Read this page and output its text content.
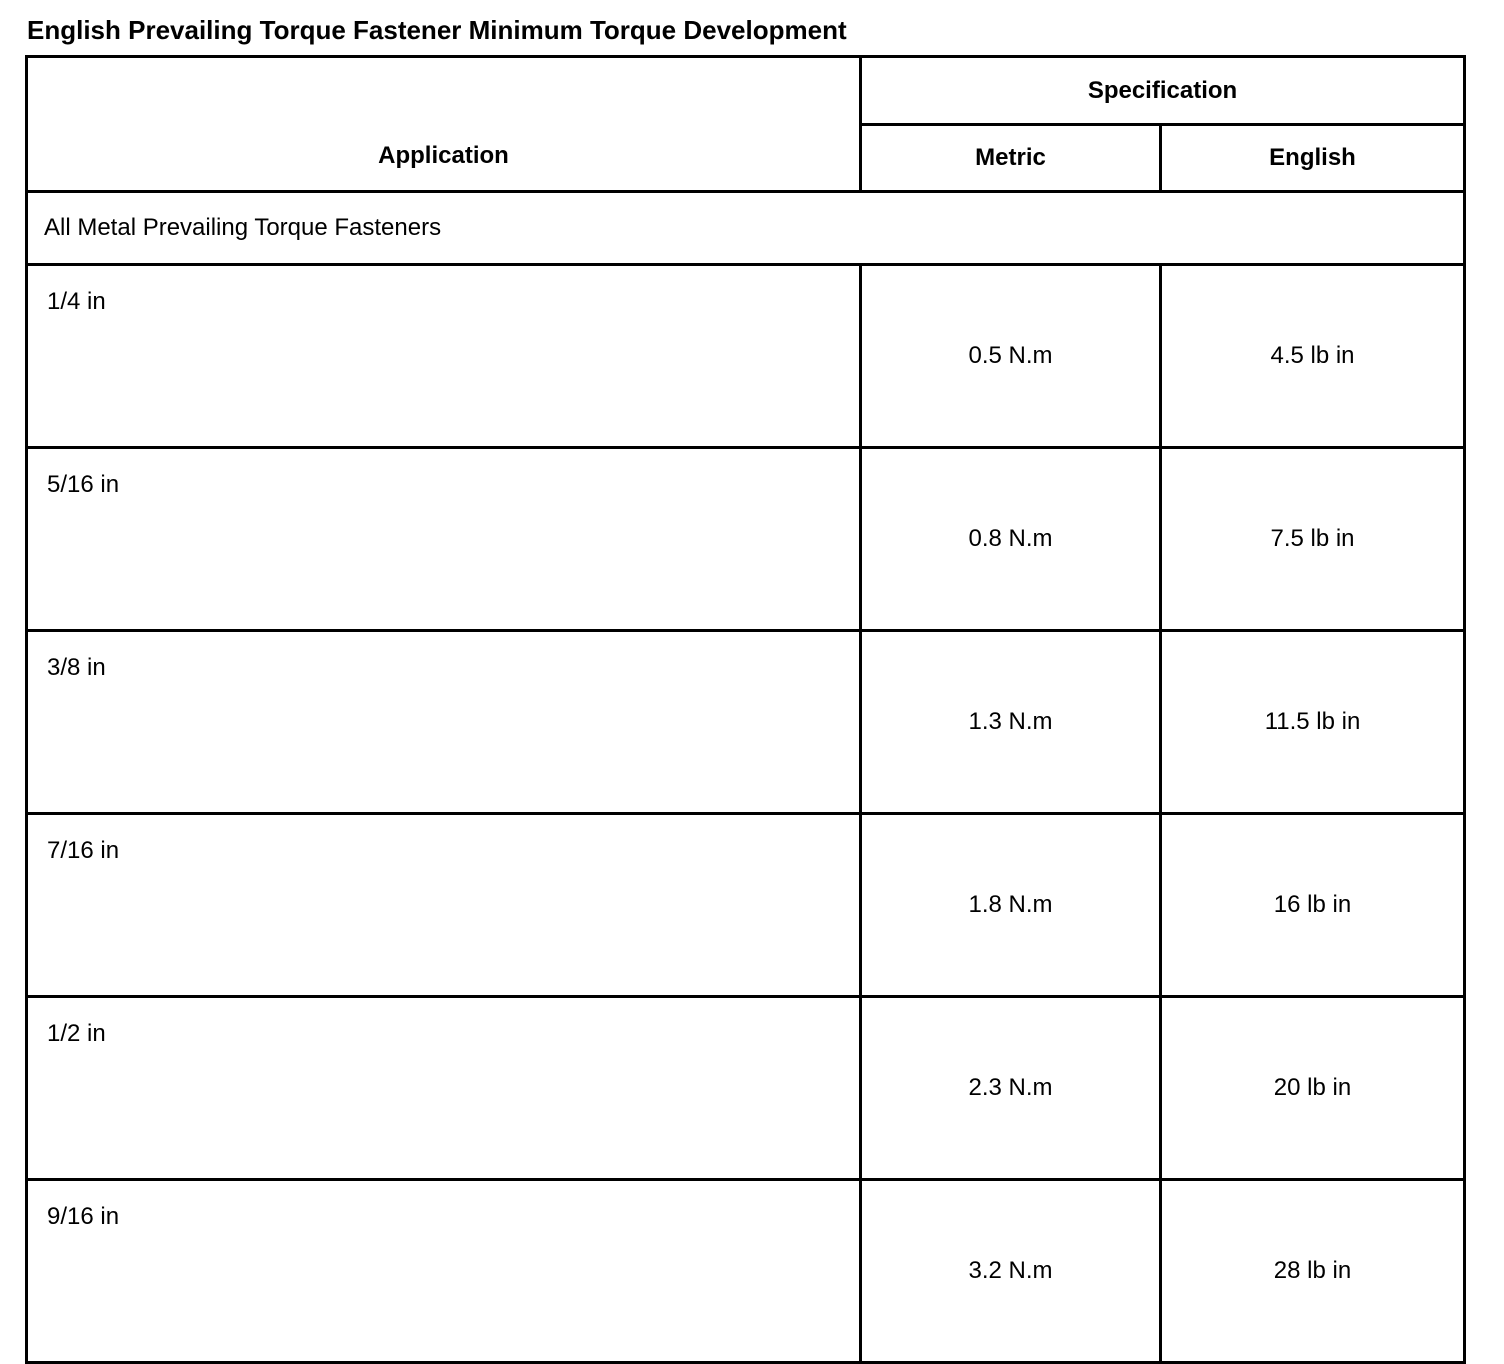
English Prevailing Torque Fastener Minimum Torque Development
Application	Specification	
	Metric	English
All Metal Prevailing Torque Fasteners		
1/4 in	0.5 N.m	4.5 lb in
5/16 in	0.8 N.m	7.5 lb in
3/8 in	1.3 N.m	11.5 lb in
7/16 in	1.8 N.m	16 lb in
1/2 in	2.3 N.m	20 lb in
9/16 in	3.2 N.m	28 lb in
